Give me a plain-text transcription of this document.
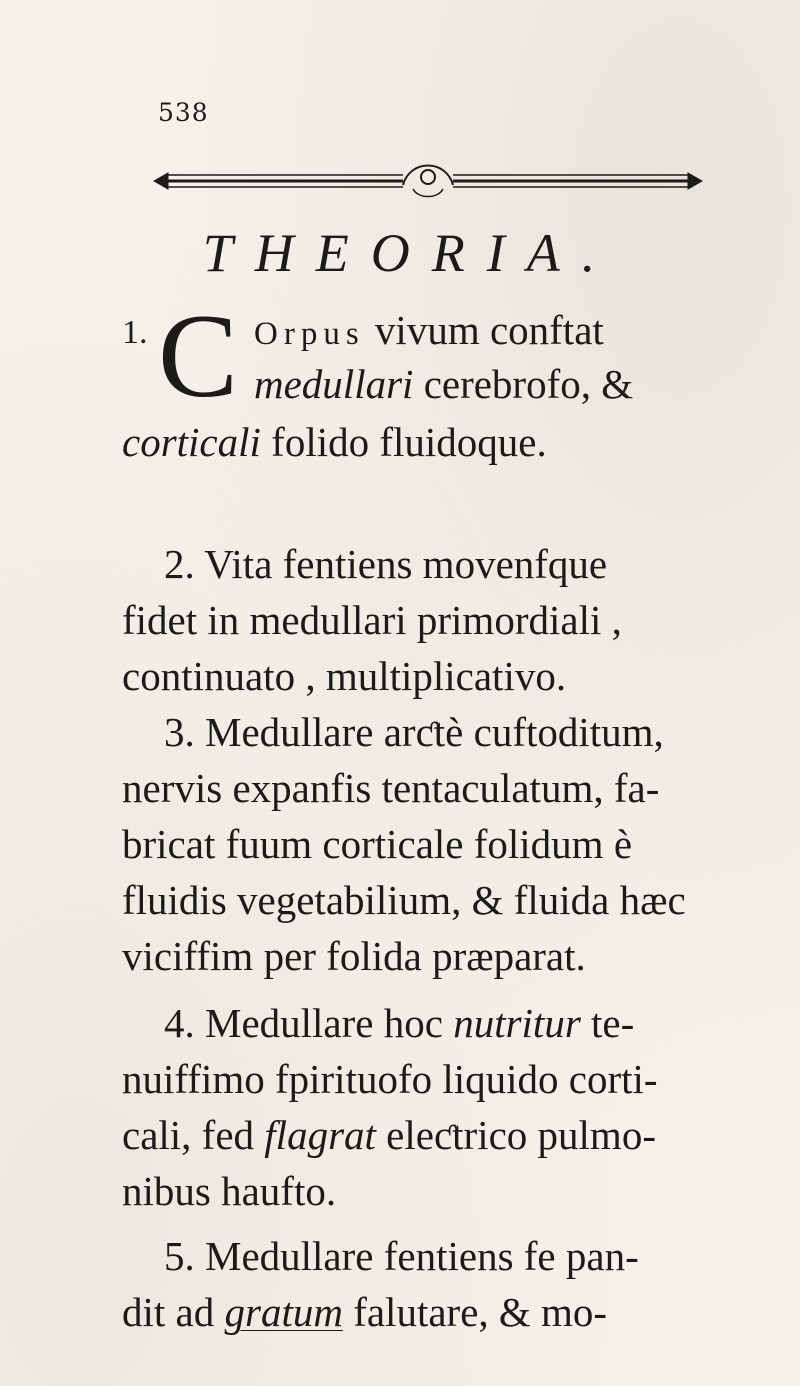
538
THEORIA.
1. C Orpus vivum conftat
medullari cerebrofo, &
corticali folido fluidoque.
2. Vita fentiens movenfque
fidet in medullari primordiali ,
continuato , multiplicativo.
3. Medullare arƈtè cuftoditum,
nervis expanfis tentaculatum, fa-
bricat fuum corticale folidum è
fluidis vegetabilium, & fluida hæc
viciffim per folida præparat.
4. Medullare hoc nutritur te-
nuiffimo fpirituofo liquido corti-
cali, fed flagrat eleƈtrico pulmo-
nibus haufto.
5. Medullare fentiens fe pan-
dit ad gratum falutare, & mo-
